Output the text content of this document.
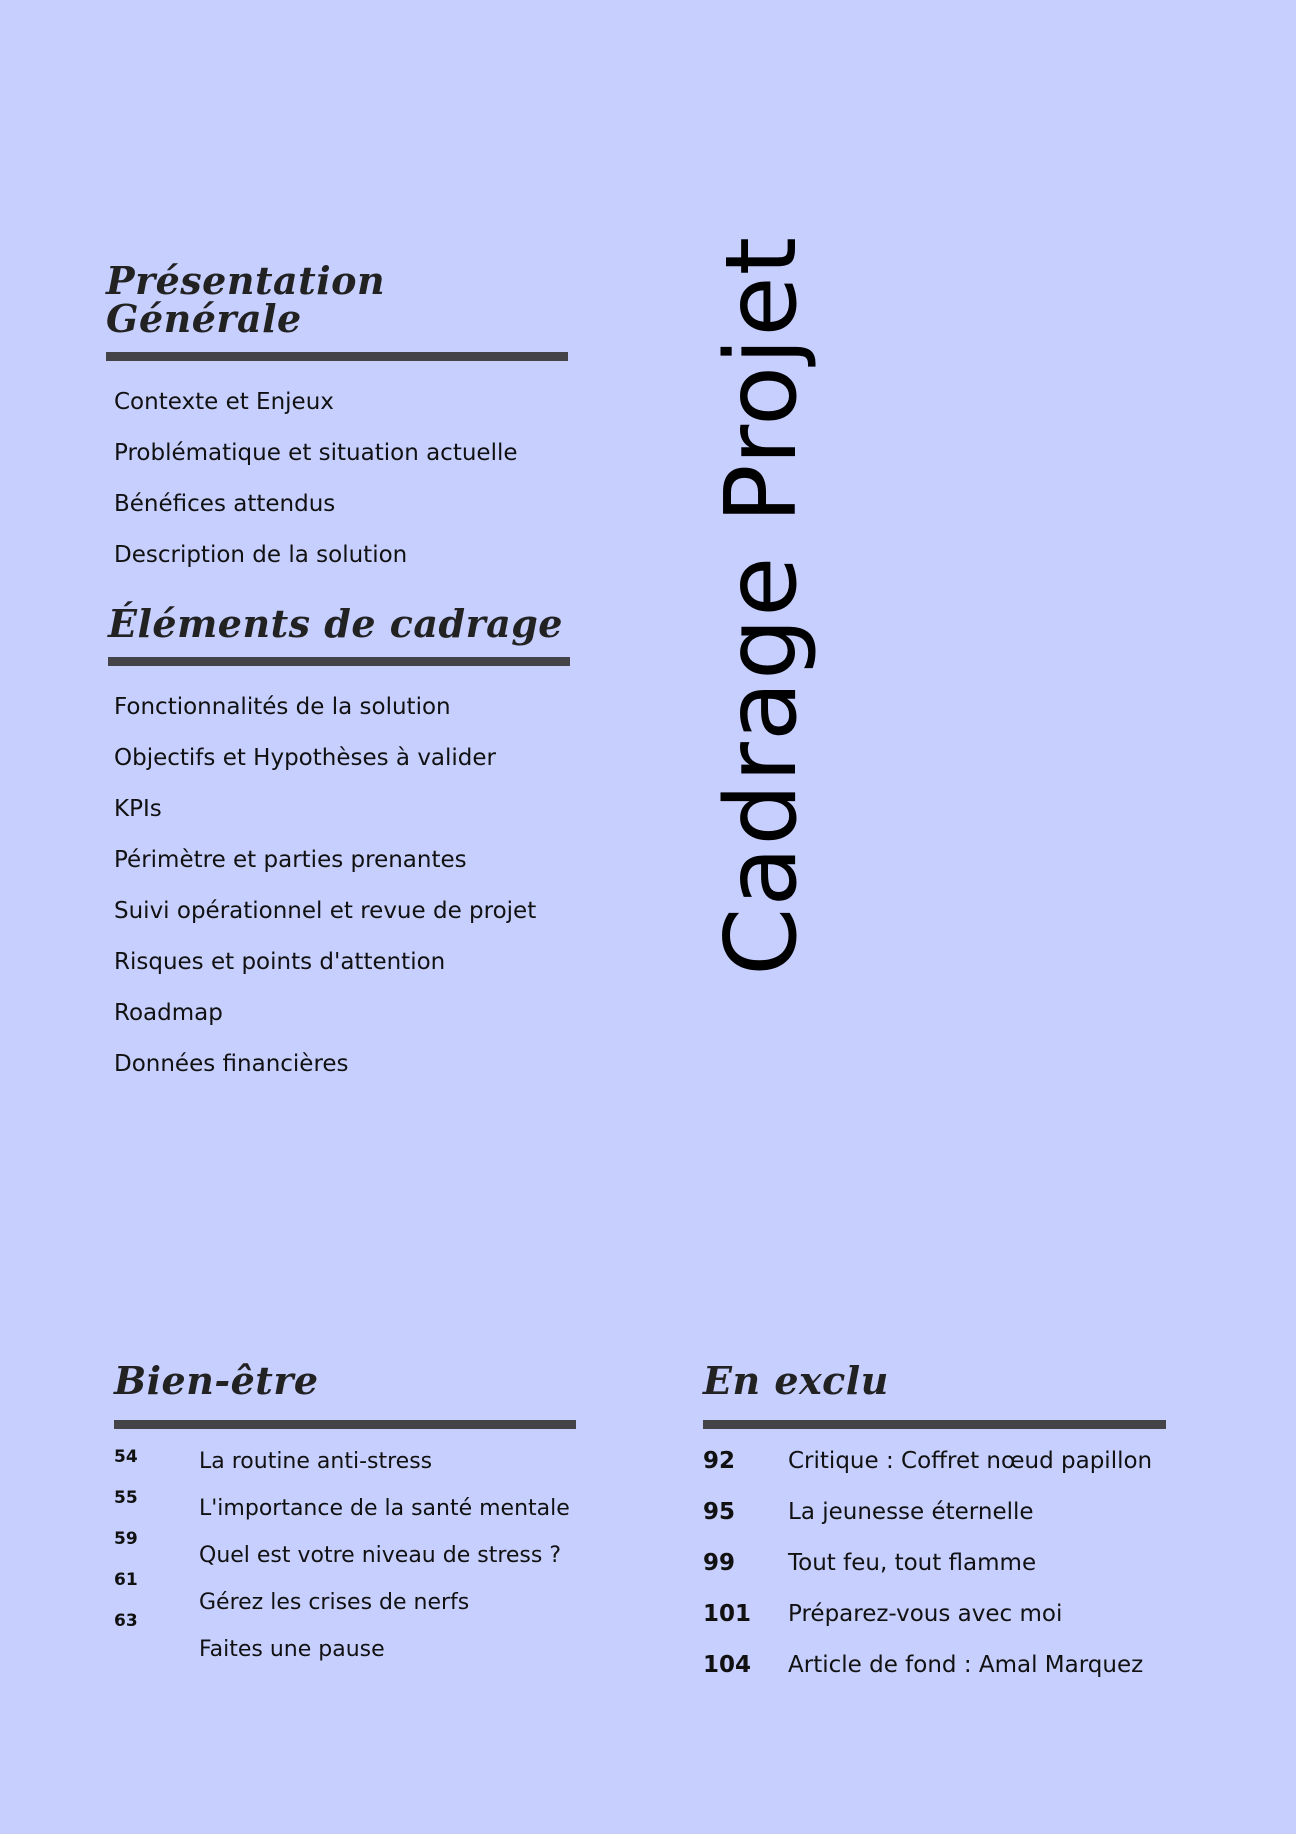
Présentation Générale
Contexte et Enjeux
Problématique et situation actuelle
Bénéfices attendus
Description de la solution
Éléments de cadrage
Fonctionnalités de la solution
Objectifs et Hypothèses à valider
KPIs
Périmètre et parties prenantes
Suivi opérationnel et revue de projet
Risques et points d'attention
Roadmap
Données financières
Cadrage Projet
Bien-être
54
55
59
61
63
La routine anti-stress
L'importance de la santé mentale
Quel est votre niveau de stress ?
Gérez les crises de nerfs
Faites une pause
En exclu
92
95
99
101
104
Critique : Coffret nœud papillon
La jeunesse éternelle
Tout feu, tout flamme
Préparez-vous avec moi
Article de fond : Amal Marquez
